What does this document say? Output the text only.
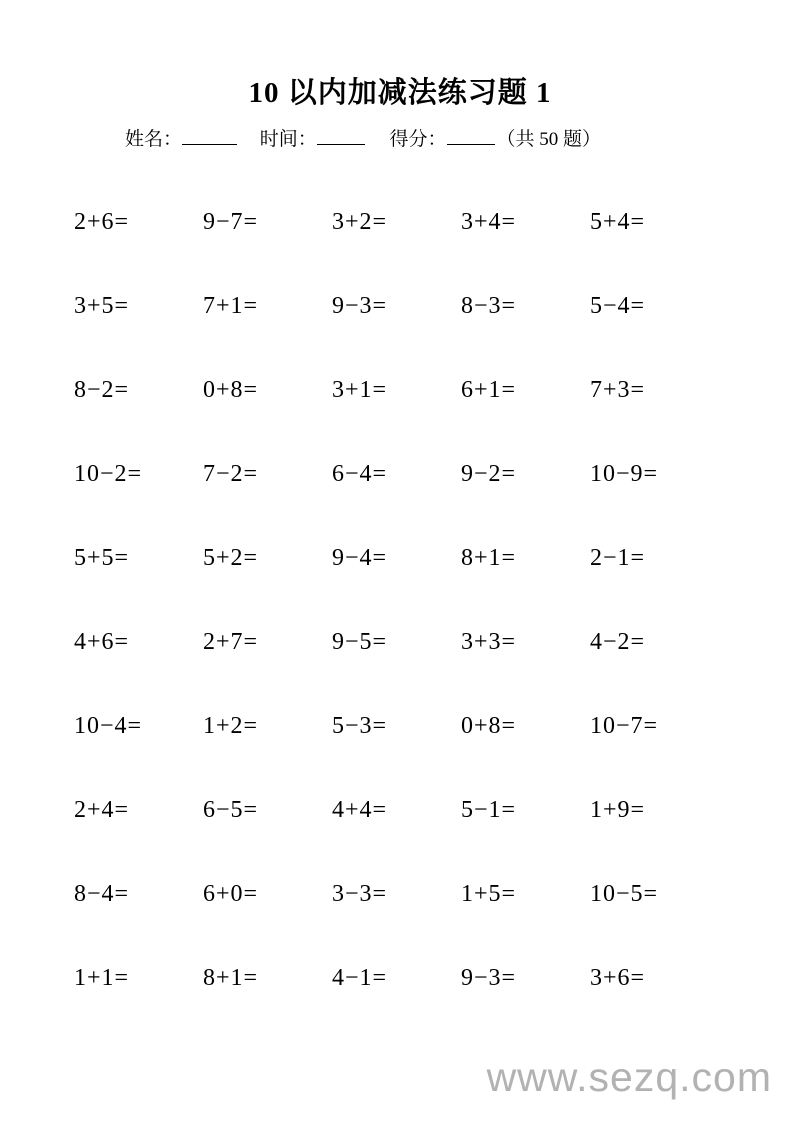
10 以内加减法练习题 1
姓名：	时间：	得分：	（共 50 题）
2+6=	9−7=	3+2=	3+4=	5+4=
3+5=	7+1=	9−3=	8−3=	5−4=
8−2=	0+8=	3+1=	6+1=	7+3=
10−2=	7−2=	6−4=	9−2=	10−9=
5+5=	5+2=	9−4=	8+1=	2−1=
4+6=	2+7=	9−5=	3+3=	4−2=
10−4=	1+2=	5−3=	0+8=	10−7=
2+4=	6−5=	4+4=	5−1=	1+9=
8−4=	6+0=	3−3=	1+5=	10−5=
1+1=	8+1=	4−1=	9−3=	3+6=
www.sezq.com
